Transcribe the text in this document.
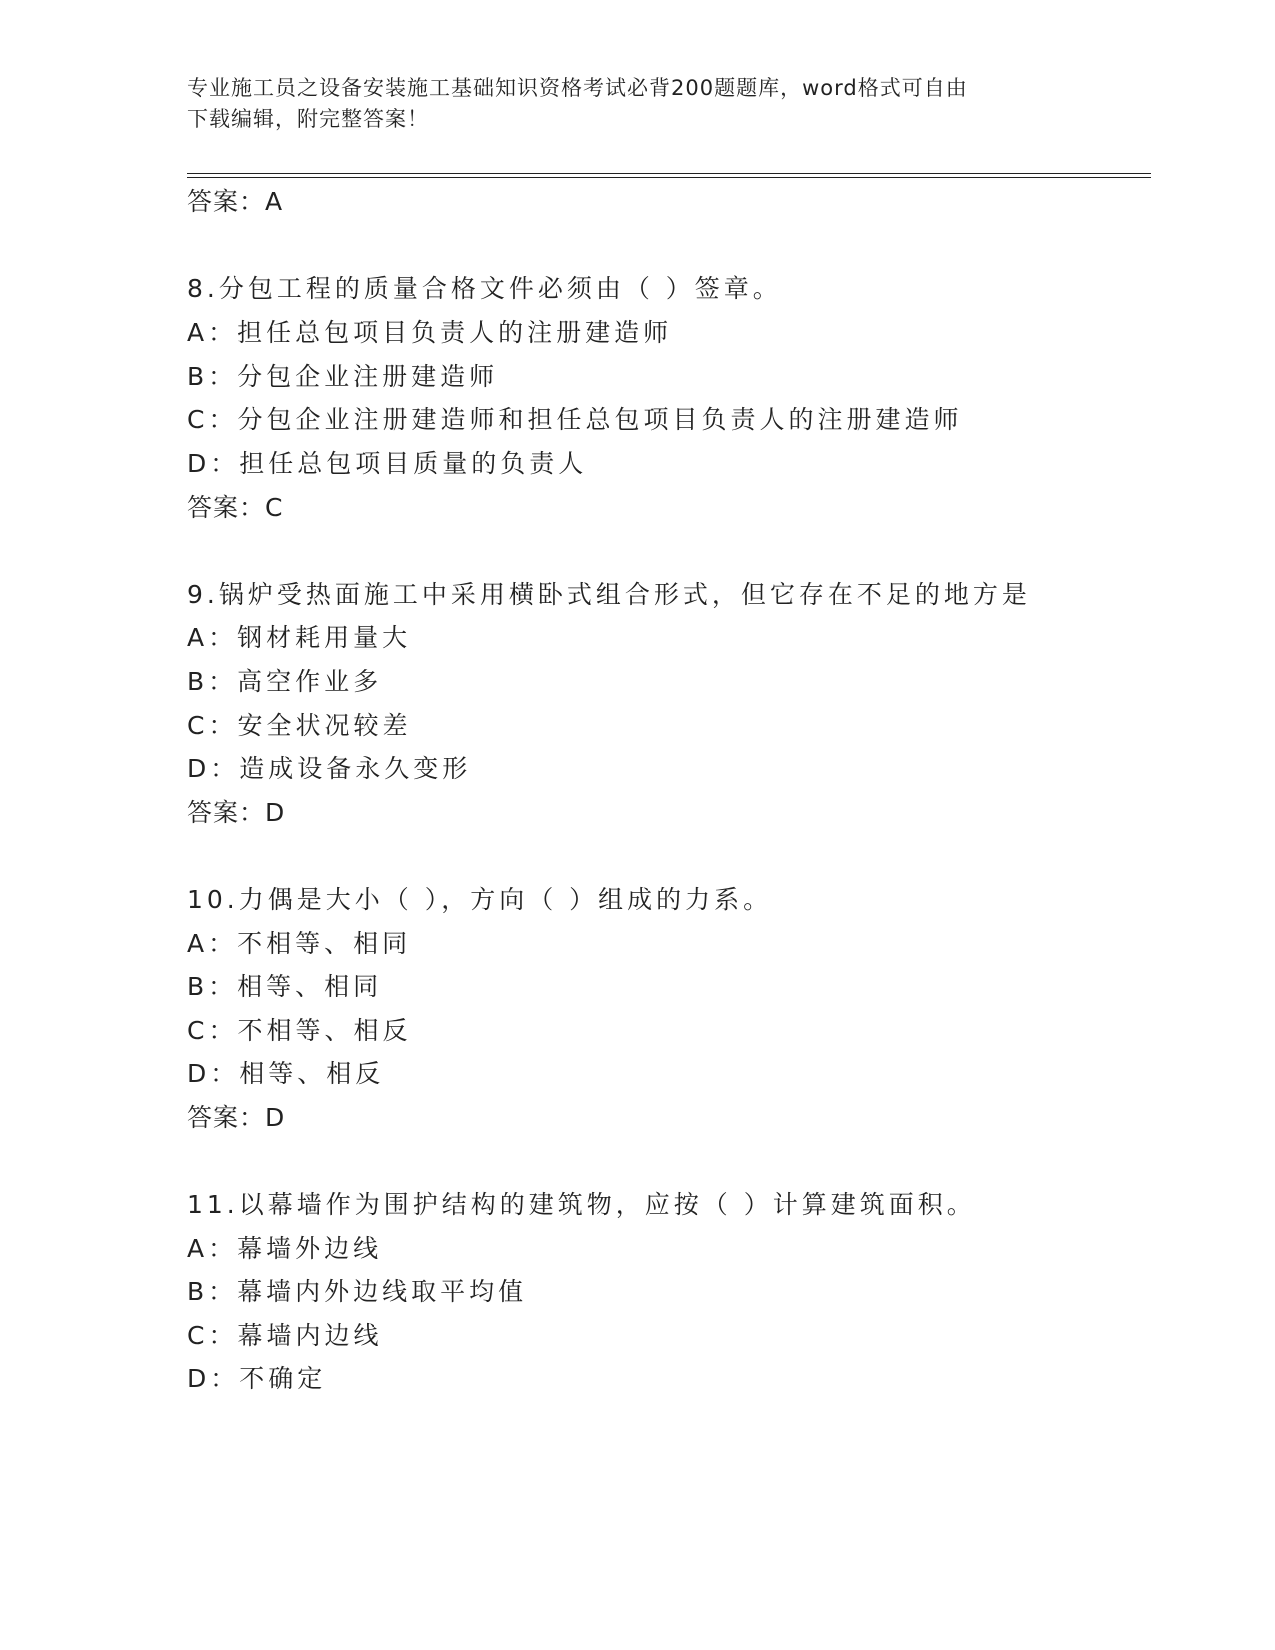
专业施工员之设备安装施工基础知识资格考试必背200题题库，word格式可自由
下载编辑，附完整答案！
答案：A
8.分包工程的质量合格文件必须由（ ）签章。
A：担任总包项目负责人的注册建造师
B：分包企业注册建造师
C：分包企业注册建造师和担任总包项目负责人的注册建造师
D：担任总包项目质量的负责人
答案：C
9.锅炉受热面施工中采用横卧式组合形式，但它存在不足的地方是
A：钢材耗用量大
B：高空作业多
C：安全状况较差
D：造成设备永久变形
答案：D
10.力偶是大小（ ），方向（ ）组成的力系。
A：不相等、相同
B：相等、相同
C：不相等、相反
D：相等、相反
答案：D
11.以幕墙作为围护结构的建筑物，应按（ ）计算建筑面积。
A：幕墙外边线
B：幕墙内外边线取平均值
C：幕墙内边线
D：不确定
